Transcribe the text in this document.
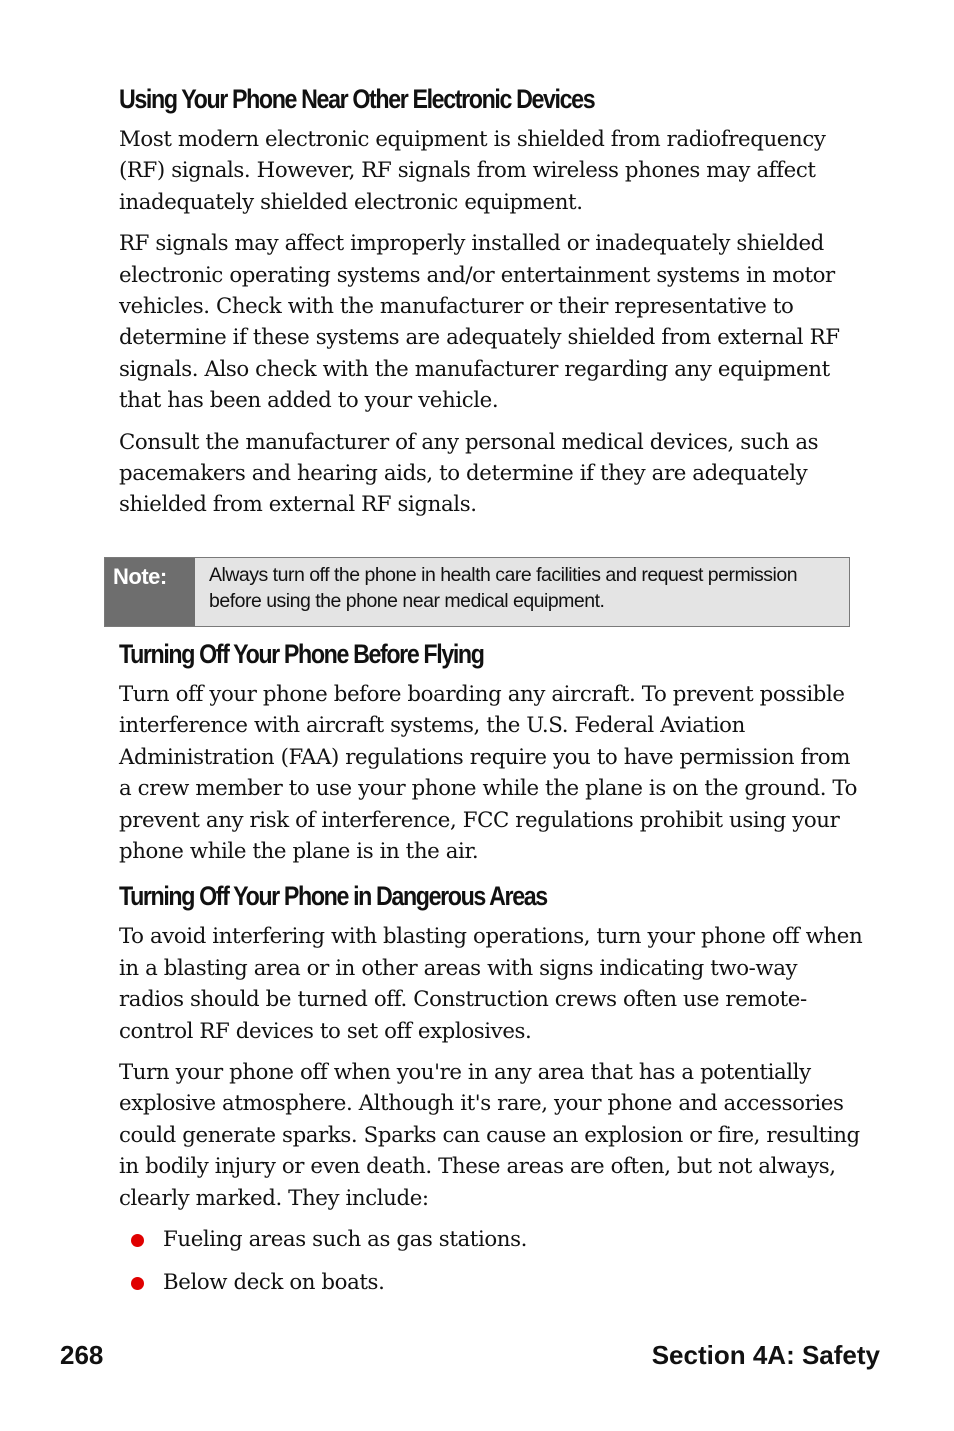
Using Your Phone Near Other Electronic Devices

Most modern electronic equipment is shielded from radiofrequency (RF) signals. However, RF signals from wireless phones may affect inadequately shielded electronic equipment.

RF signals may affect improperly installed or inadequately shielded electronic operating systems and/or entertainment systems in motor vehicles. Check with the manufacturer or their representative to determine if these systems are adequately shielded from external RF signals. Also check with the manufacturer regarding any equipment that has been added to your vehicle.

Consult the manufacturer of any personal medical devices, such as pacemakers and hearing aids, to determine if they are adequately shielded from external RF signals.

Note:	Always turn off the phone in health care facilities and request permission before using the phone near medical equipment.
Turning Off Your Phone Before Flying

Turn off your phone before boarding any aircraft. To prevent possible interference with aircraft systems, the U.S. Federal Aviation Administration (FAA) regulations require you to have permission from a crew member to use your phone while the plane is on the ground. To prevent any risk of interference, FCC regulations prohibit using your phone while the plane is in the air.

Turning Off Your Phone in Dangerous Areas

To avoid interfering with blasting operations, turn your phone off when in a blasting area or in other areas with signs indicating two-way radios should be turned off. Construction crews often use remote-control RF devices to set off explosives.

Turn your phone off when you're in any area that has a potentially explosive atmosphere. Although it's rare, your phone and accessories could generate sparks. Sparks can cause an explosion or fire, resulting in bodily injury or even death. These areas are often, but not always, clearly marked. They include:

Fueling areas such as gas stations.
Below deck on boats.
268	Section 4A: Safety
